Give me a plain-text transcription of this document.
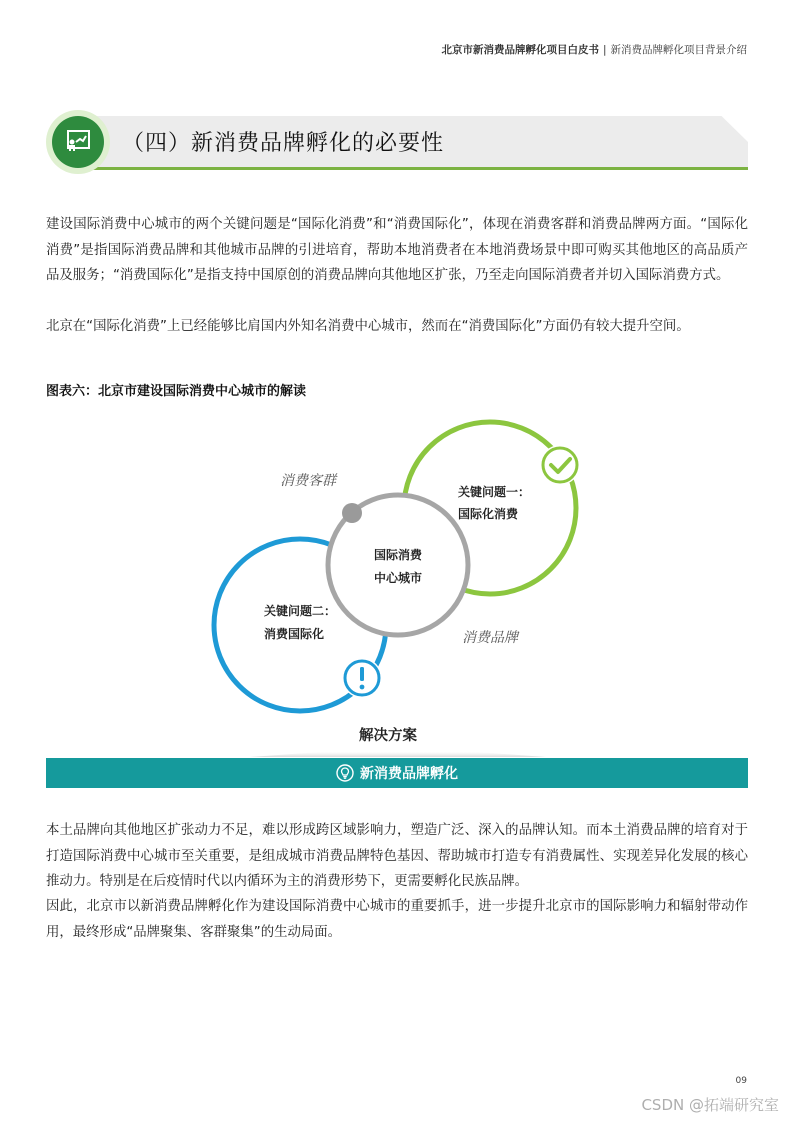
北京市新消费品牌孵化项目白皮书 | 新消费品牌孵化项目背景介绍
（四）新消费品牌孵化的必要性
建设国际消费中心城市的两个关键问题是“国际化消费”和“消费国际化”，体现在消费客群和消费品牌两方面。“国际化消费”是指国际消费品牌和其他城市品牌的引进培育，帮助本地消费者在本地消费场景中即可购买其他地区的高品质产品及服务；“消费国际化”是指支持中国原创的消费品牌向其他地区扩张，乃至走向国际消费者并切入国际消费方式。
北京在“国际化消费”上已经能够比肩国内外知名消费中心城市，然而在“消费国际化”方面仍有较大提升空间。
图表六：北京市建设国际消费中心城市的解读
消费客群
消费品牌
国际消费
中心城市
关键问题一：
国际化消费
关键问题二：
消费国际化
解决方案
新消费品牌孵化
本土品牌向其他地区扩张动力不足，难以形成跨区域影响力，塑造广泛、深入的品牌认知。而本土消费品牌的培育对于打造国际消费中心城市至关重要，是组成城市消费品牌特色基因、帮助城市打造专有消费属性、实现差异化发展的核心推动力。特别是在后疫情时代以内循环为主的消费形势下，更需要孵化民族品牌。
因此，北京市以新消费品牌孵化作为建设国际消费中心城市的重要抓手，进一步提升北京市的国际影响力和辐射带动作用，最终形成“品牌聚集、客群聚集”的生动局面。
09
CSDN @拓端研究室
